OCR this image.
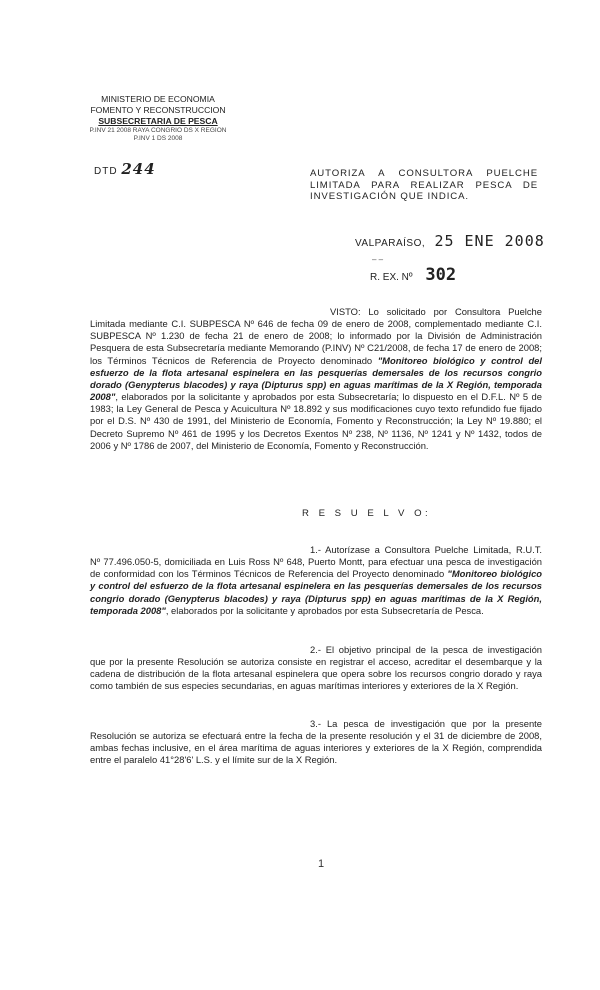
MINISTERIO DE ECONOMIA
FOMENTO Y RECONSTRUCCION
SUBSECRETARIA DE PESCA
P.INV 21 2008 RAYA CONGRIO DS X REGION
P.INV 1 DS 2008
DTD 244	AUTORIZA A CONSULTORA PUELCHE LIMITADA PARA REALIZAR PESCA DE INVESTIGACIÓN QUE INDICA.
VALPARAÍSO, 25 ENE 2008
– –
R. EX. Nº 302
VISTO: Lo solicitado por Consultora Puelche Limitada mediante C.I. SUBPESCA Nº 646 de fecha 09 de enero de 2008, complementado mediante C.I. SUBPESCA Nº 1.230 de fecha 21 de enero de 2008; lo informado por la División de Administración Pesquera de esta Subsecretaría mediante Memorando (P.INV) Nº C21/2008, de fecha 17 de enero de 2008; los Términos Técnicos de Referencia de Proyecto denominado "Monitoreo biológico y control del esfuerzo de la flota artesanal espinelera en las pesquerías demersales de los recursos congrio dorado (Genypterus blacodes) y raya (Dipturus spp) en aguas marítimas de la X Región, temporada 2008", elaborados por la solicitante y aprobados por esta Subsecretaría; lo dispuesto en el D.F.L. Nº 5 de 1983; la Ley General de Pesca y Acuicultura Nº 18.892 y sus modificaciones cuyo texto refundido fue fijado por el D.S. Nº 430 de 1991, del Ministerio de Economía, Fomento y Reconstrucción; la Ley Nº 19.880; el Decreto Supremo Nº 461 de 1995 y los Decretos Exentos Nº 238, Nº 1136, Nº 1241 y Nº 1432, todos de 2006 y Nº 1786 de 2007, del Ministerio de Economía, Fomento y Reconstrucción.
R E S U E L V O:
1.- Autorízase a Consultora Puelche Limitada, R.U.T. Nº 77.496.050-5, domiciliada en Luis Ross Nº 648, Puerto Montt, para efectuar una pesca de investigación de conformidad con los Términos Técnicos de Referencia del Proyecto denominado "Monitoreo biológico y control del esfuerzo de la flota artesanal espinelera en las pesquerías demersales de los recursos congrio dorado (Genypterus blacodes) y raya (Dipturus spp) en aguas marítimas de la X Región, temporada 2008", elaborados por la solicitante y aprobados por esta Subsecretaría de Pesca.
2.- El objetivo principal de la pesca de investigación que por la presente Resolución se autoriza consiste en registrar el acceso, acreditar el desembarque y la cadena de distribución de la flota artesanal espinelera que opera sobre los recursos congrio dorado y raya como también de sus especies secundarias, en aguas marítimas interiores y exteriores de la X Región.
3.- La pesca de investigación que por la presente Resolución se autoriza se efectuará entre la fecha de la presente resolución y el 31 de diciembre de 2008, ambas fechas inclusive, en el área marítima de aguas interiores y exteriores de la X Región, comprendida entre el paralelo 41°28'6' L.S. y el límite sur de la X Región.
1
